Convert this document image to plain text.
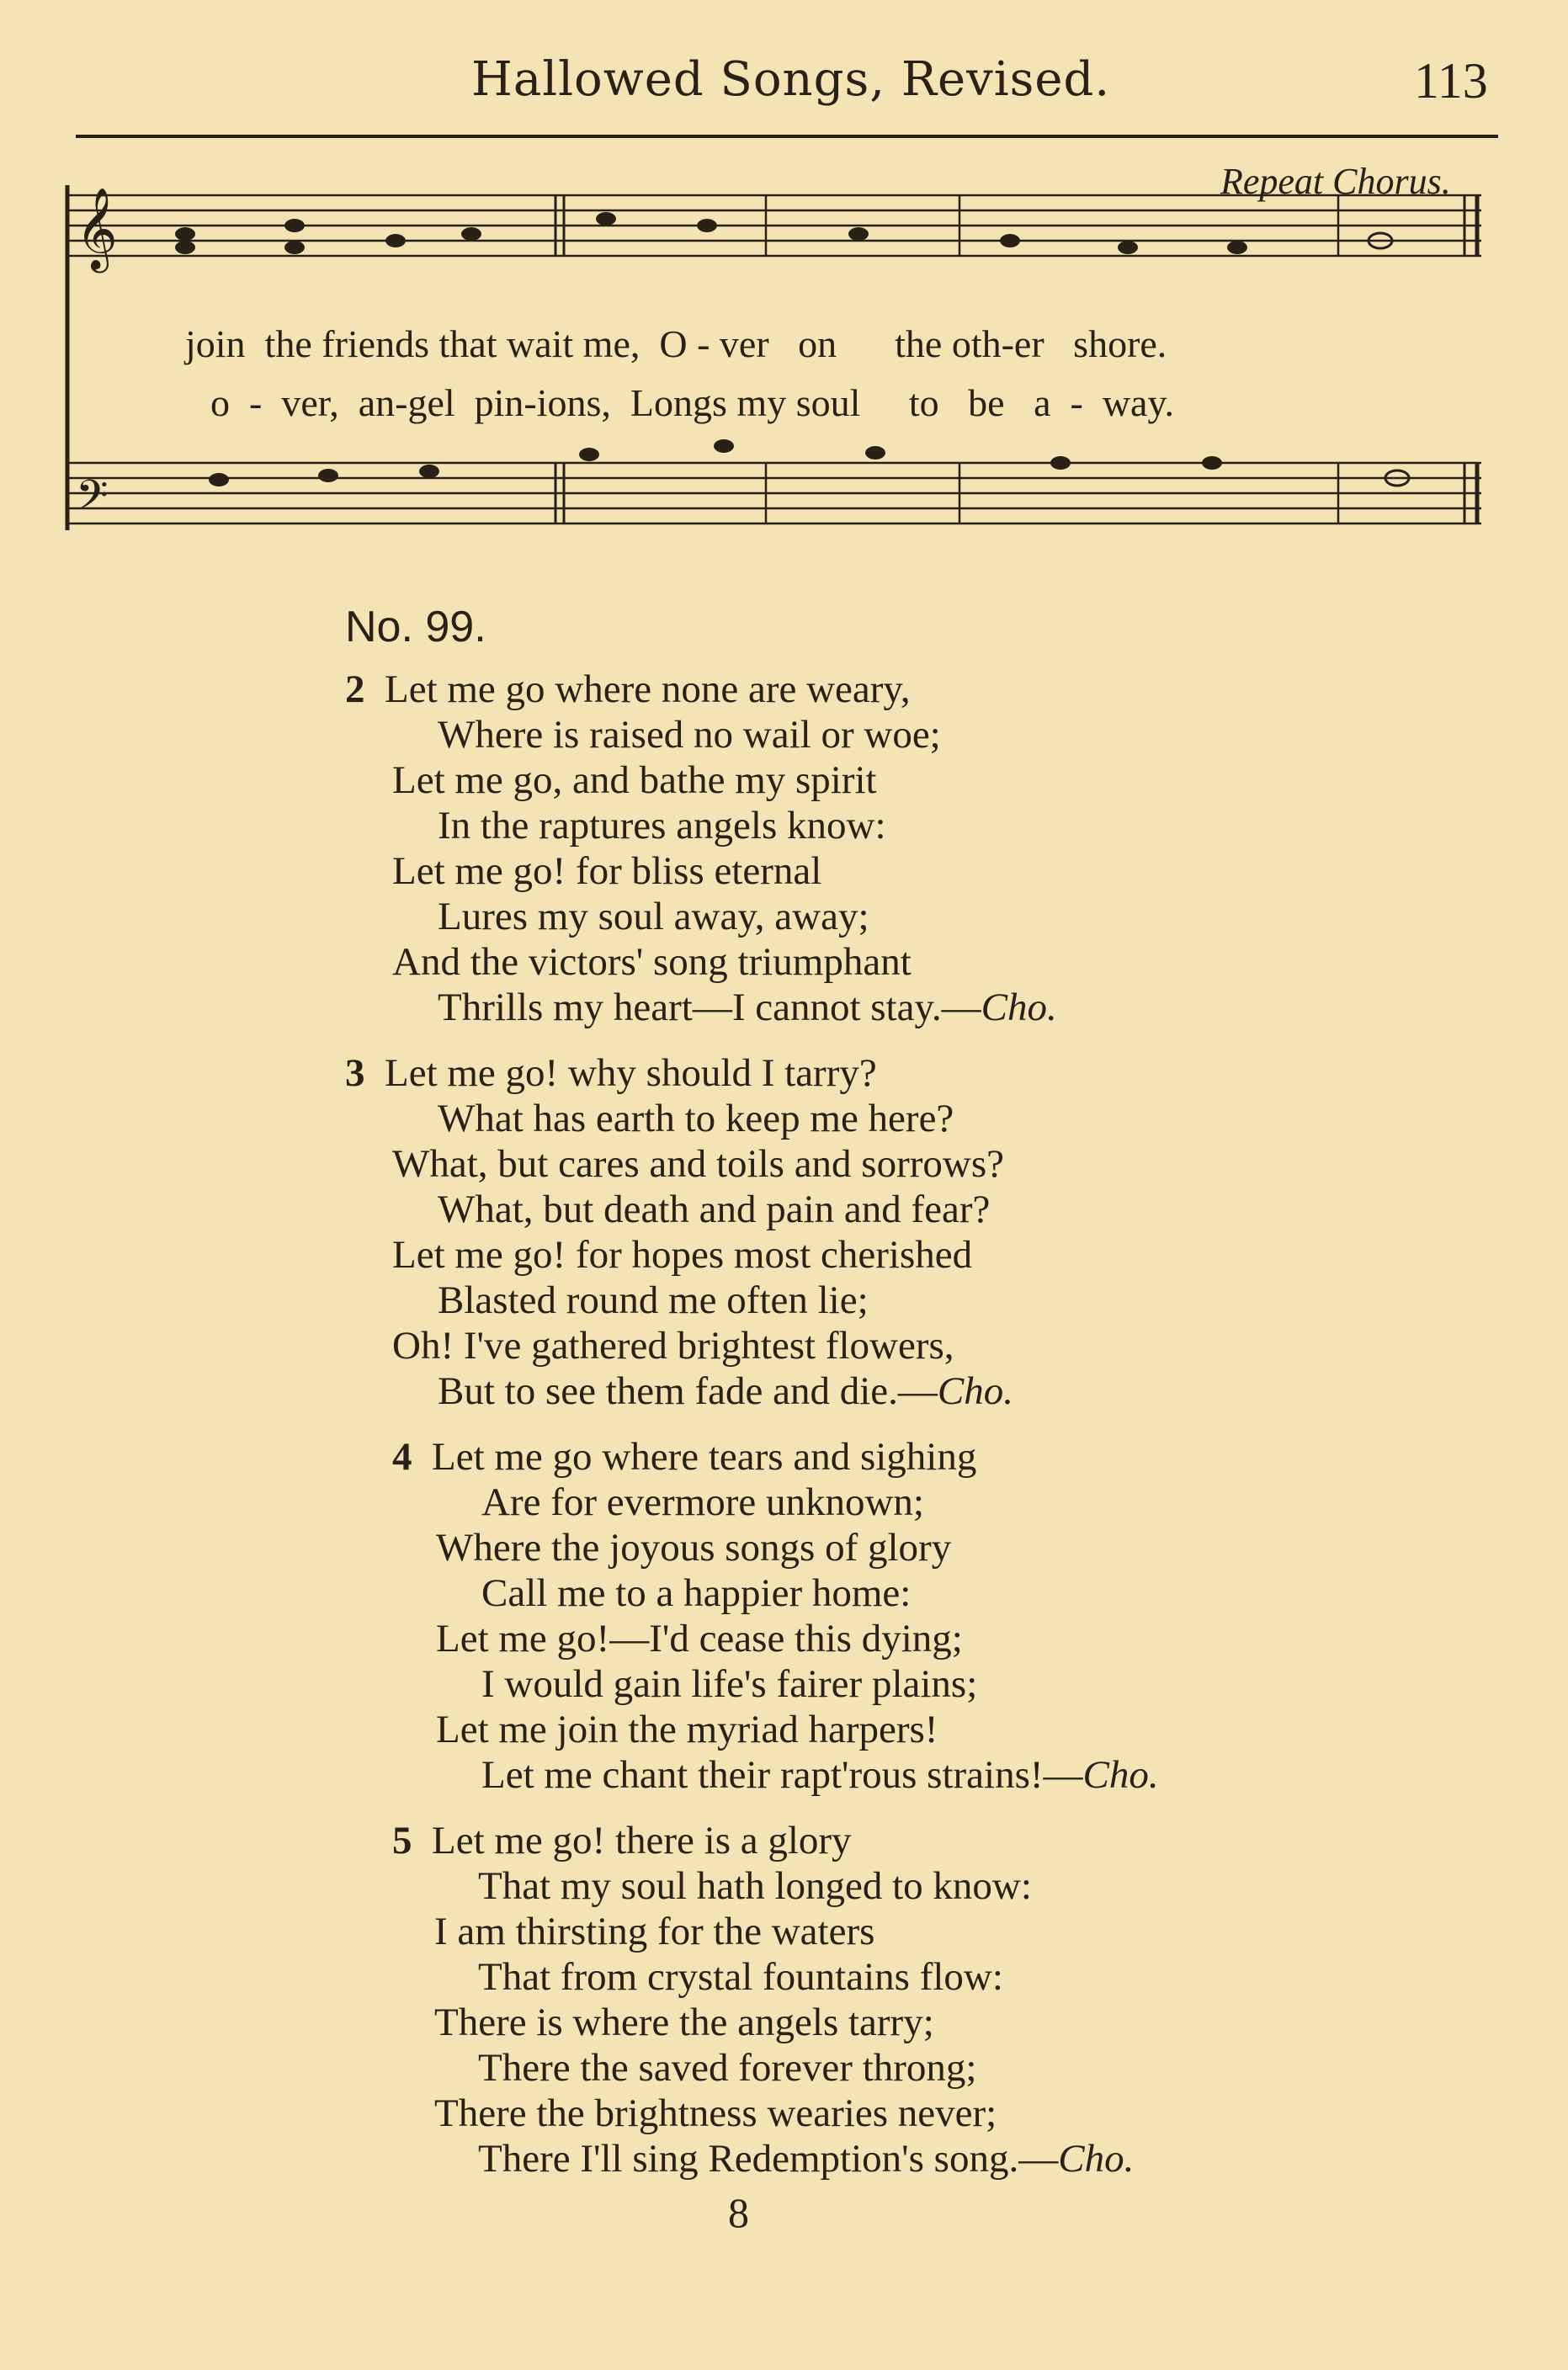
Hallowed Songs, Revised.	113
Repeat Chorus.
𝄞
𝄢
join  the friends that wait me,  O - ver   on      the oth-er   shore.
o  -  ver,  an-gel  pin-ions,  Longs my soul     to   be   a  -  way.
No. 99.
2 Let me go where none are weary,
Where is raised no wail or woe;
Let me go, and bathe my spirit
In the raptures angels know:
Let me go! for bliss eternal
Lures my soul away, away;
And the victors' song triumphant
Thrills my heart—I cannot stay.—Cho.
3 Let me go! why should I tarry?
What has earth to keep me here?
What, but cares and toils and sorrows?
What, but death and pain and fear?
Let me go! for hopes most cherished
Blasted round me often lie;
Oh! I've gathered brightest flowers,
But to see them fade and die.—Cho.
4 Let me go where tears and sighing
Are for evermore unknown;
Where the joyous songs of glory
Call me to a happier home:
Let me go!—I'd cease this dying;
I would gain life's fairer plains;
Let me join the myriad harpers!
Let me chant their rapt'rous strains!—Cho.
5 Let me go! there is a glory
That my soul hath longed to know:
I am thirsting for the waters
That from crystal fountains flow:
There is where the angels tarry;
There the saved forever throng;
There the brightness wearies never;
There I'll sing Redemption's song.—Cho.
8
